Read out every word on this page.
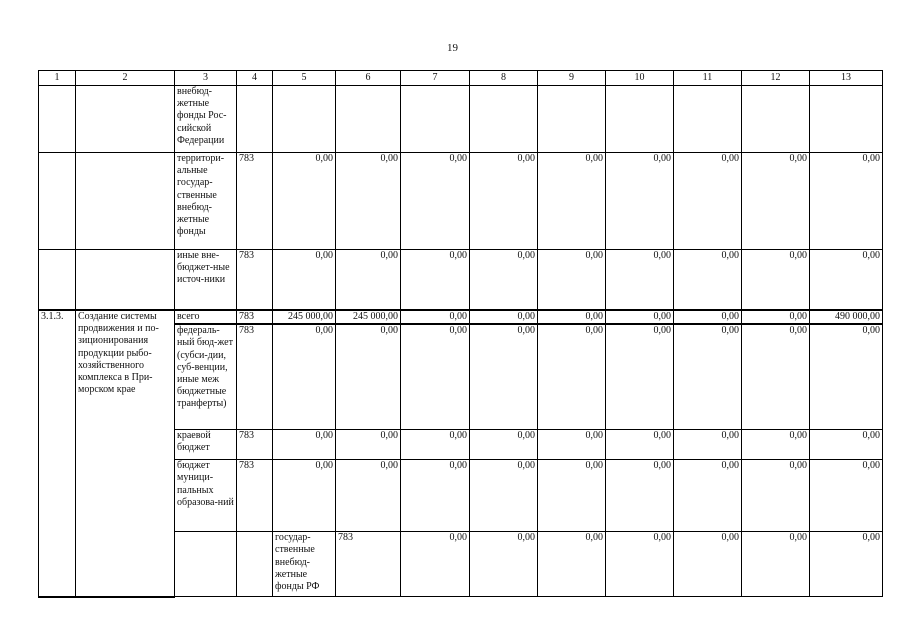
19
1	2	3	4	5	6	7	8	9	10	11	12	13	
		внебюд-жетные фонды Рос-сийской Федерации											
		территори-альные государ-ственные внебюд-жетные фонды	783	0,00	0,00	0,00	0,00	0,00	0,00	0,00	0,00	0,00	
		иные вне-бюджет-ные источ-ники	783	0,00	0,00	0,00	0,00	0,00	0,00	0,00	0,00	0,00	
3.1.3.	Создание системы продвижения и по-зиционирования продукции рыбо-хозяйственного комплекса в При-морском крае	всего	783	245 000,00	245 000,00	0,00	0,00	0,00	0,00	0,00	0,00	490 000,00	
		федераль-ный бюд-жет (субси-дии, суб-венции, иные меж бюджетные транферты)	783	0,00	0,00	0,00	0,00	0,00	0,00	0,00	0,00	0,00	
		краевой бюджет	783	0,00	0,00	0,00	0,00	0,00	0,00	0,00	0,00	0,00	
		бюджет муници-пальных образова-ний	783	0,00	0,00	0,00	0,00	0,00	0,00	0,00	0,00	0,00	
				государ-ственные внебюд-жетные фонды РФ	783	0,00	0,00	0,00	0,00	0,00	0,00	0,00		
